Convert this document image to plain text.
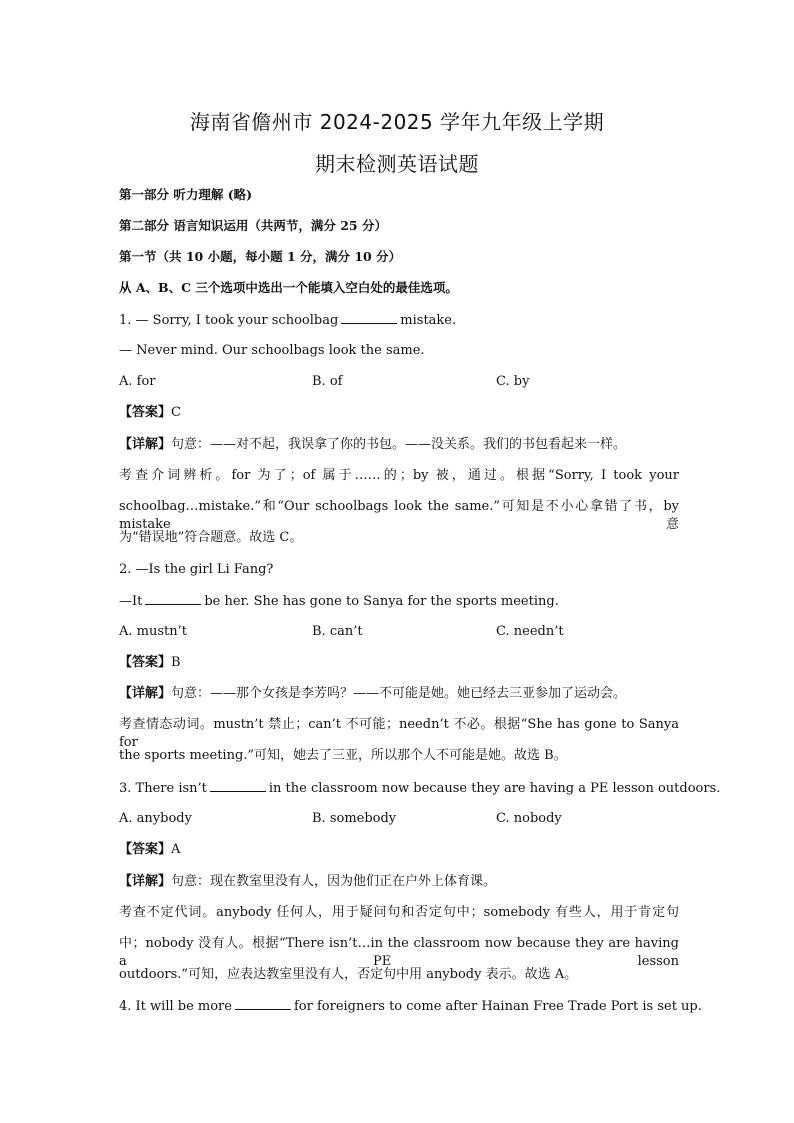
海南省儋州市 2024-2025 学年九年级上学期
期末检测英语试题
第一部分 听力理解 (略)
第二部分 语言知识运用（共两节，满分 25 分）
第一节（共 10 小题，每小题 1 分，满分 10 分）
从 A、B、C 三个选项中选出一个能填入空白处的最佳选项。
1. — Sorry, I took your schoolbag	mistake.
— Never mind. Our schoolbags look the same.
A. for	B. of	C. by
【答案】C
【详解】句意：——对不起，我误拿了你的书包。——没关系。我们的书包看起来一样。
考查介词辨析。for 为了；of 属于……的；by 被，通过。根据“Sorry, I took your
schoolbag…mistake.”和“Our schoolbags look the same.”可知是不小心拿错了书，by mistake 意
为“错误地”符合题意。故选 C。
2. —Is the girl Li Fang?
—It	be her. She has gone to Sanya for the sports meeting.
A. mustn’t	B. can’t	C. needn’t
【答案】B
【详解】句意：——那个女孩是李芳吗？——不可能是她。她已经去三亚参加了运动会。
考查情态动词。mustn’t 禁止；can’t 不可能；needn’t 不必。根据“She has gone to Sanya for
the sports meeting.”可知，她去了三亚，所以那个人不可能是她。故选 B。
3. There isn’t	in the classroom now because they are having a PE lesson outdoors.
A. anybody	B. somebody	C. nobody
【答案】A
【详解】句意：现在教室里没有人，因为他们正在户外上体育课。
考查不定代词。anybody 任何人，用于疑问句和否定句中；somebody 有些人，用于肯定句
中；nobody 没有人。根据“There isn’t…in the classroom now because they are having a PE lesson
outdoors.”可知，应表达教室里没有人，否定句中用 anybody 表示。故选 A。
4. It will be more	for foreigners to come after Hainan Free Trade Port is set up.
